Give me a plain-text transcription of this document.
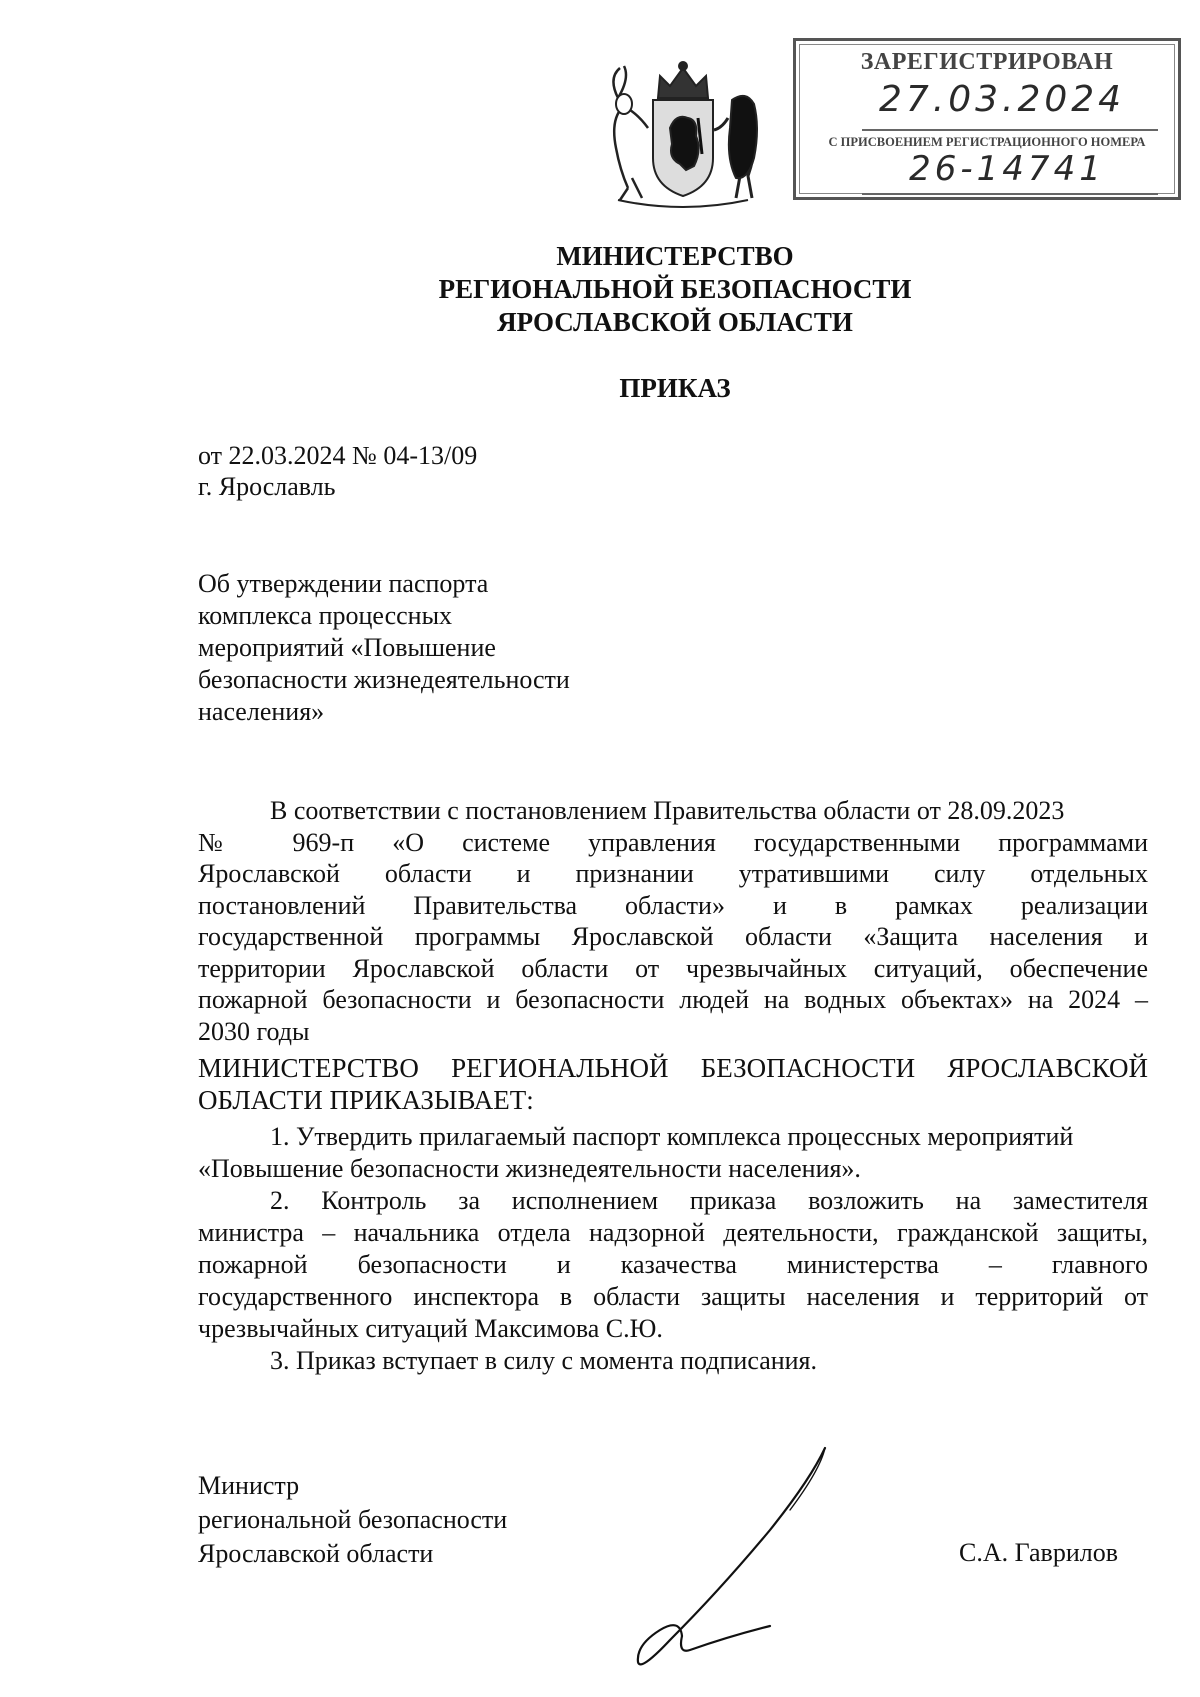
ЗАРЕГИСТРИРОВАН
27.03.2024
С ПРИСВОЕНИЕМ РЕГИСТРАЦИОННОГО НОМЕРА
26-14741
МИНИСТЕРСТВО
РЕГИОНАЛЬНОЙ БЕЗОПАСНОСТИ
ЯРОСЛАВСКОЙ ОБЛАСТИ
ПРИКАЗ
от 22.03.2024 № 04-13/09
г. Ярославль
Об утверждении паспорта
комплекса процессных
мероприятий «Повышение
безопасности жизнедеятельности
населения»
В соответствии с постановлением Правительства области от 28.09.2023
№ 969-п «О системе управления государственными программами
Ярославской области и признании утратившими силу отдельных
постановлений Правительства области» и в рамках реализации
государственной программы Ярославской области «Защита населения и
территории Ярославской области от чрезвычайных ситуаций, обеспечение
пожарной безопасности и безопасности людей на водных объектах» на 2024 –
2030 годы
МИНИСТЕРСТВО РЕГИОНАЛЬНОЙ БЕЗОПАСНОСТИ ЯРОСЛАВСКОЙ
ОБЛАСТИ ПРИКАЗЫВАЕТ:
1. Утвердить прилагаемый паспорт комплекса процессных мероприятий
«Повышение безопасности жизнедеятельности населения».
2. Контроль за исполнением приказа возложить на заместителя
министра – начальника отдела надзорной деятельности, гражданской защиты,
пожарной безопасности и казачества министерства – главного
государственного инспектора в области защиты населения и территорий от
чрезвычайных ситуаций Максимова С.Ю.
3. Приказ вступает в силу с момента подписания.
Министр
региональной безопасности
Ярославской области	С.А. Гаврилов
